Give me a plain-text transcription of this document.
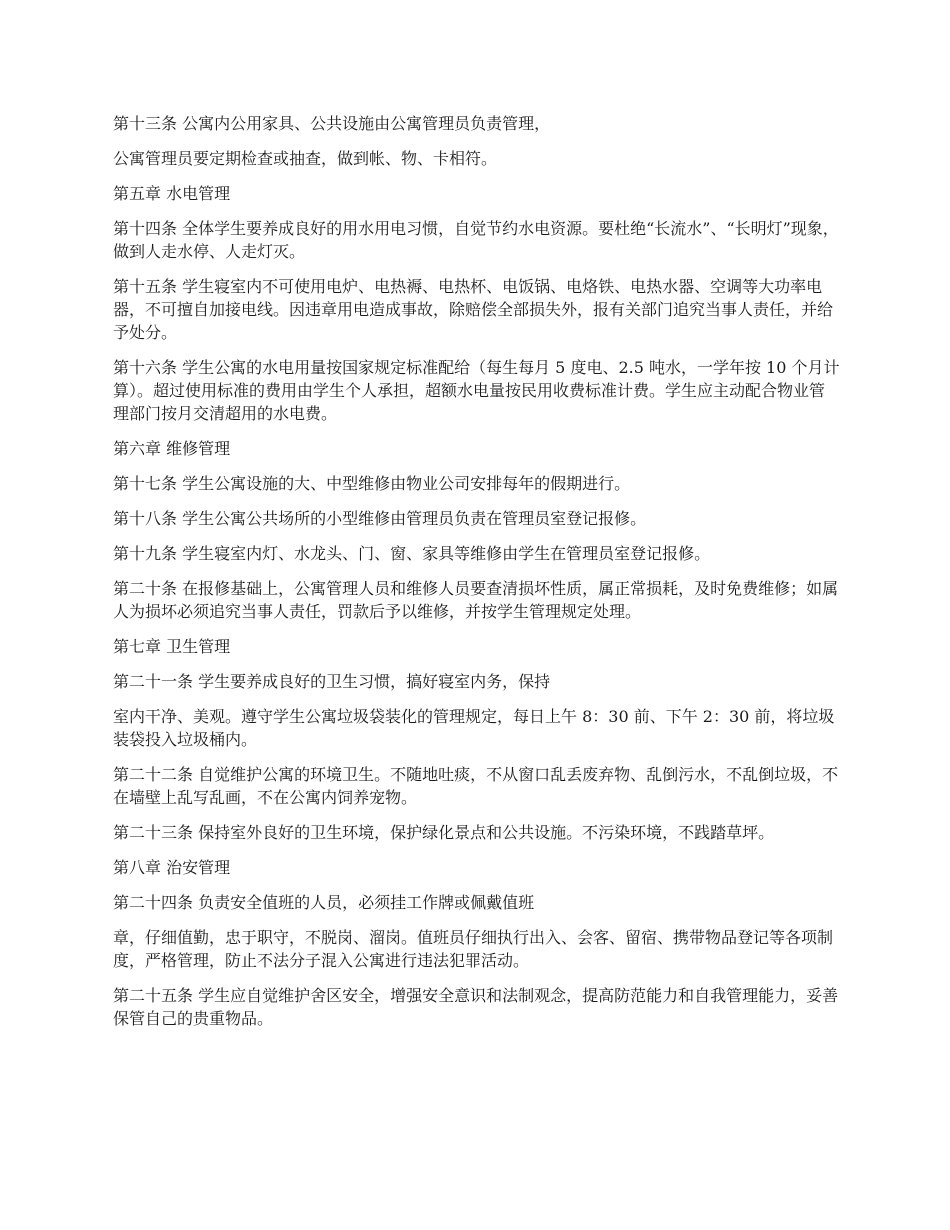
第十三条 公寓内公用家具、公共设施由公寓管理员负责管理，

公寓管理员要定期检查或抽查，做到帐、物、卡相符。

第五章 水电管理

第十四条 全体学生要养成良好的用水用电习惯，自觉节约水电资源。要杜绝“长流水”、“长明灯”现象，做到人走水停、人走灯灭。

第十五条 学生寝室内不可使用电炉、电热褥、电热杯、电饭锅、电烙铁、电热水器、空调等大功率电器，不可擅自加接电线。因违章用电造成事故，除赔偿全部损失外，报有关部门追究当事人责任，并给予处分。

第十六条 学生公寓的水电用量按国家规定标准配给（每生每月 5 度电、2.5 吨水，一学年按 10 个月计算）。超过使用标准的费用由学生个人承担，超额水电量按民用收费标准计费。学生应主动配合物业管理部门按月交清超用的水电费。

第六章 维修管理

第十七条 学生公寓设施的大、中型维修由物业公司安排每年的假期进行。

第十八条 学生公寓公共场所的小型维修由管理员负责在管理员室登记报修。

第十九条 学生寝室内灯、水龙头、门、窗、家具等维修由学生在管理员室登记报修。

第二十条 在报修基础上，公寓管理人员和维修人员要查清损坏性质，属正常损耗，及时免费维修；如属人为损坏必须追究当事人责任，罚款后予以维修，并按学生管理规定处理。

第七章 卫生管理

第二十一条 学生要养成良好的卫生习惯，搞好寝室内务，保持

室内干净、美观。遵守学生公寓垃圾袋装化的管理规定，每日上午 8：30 前、下午 2：30 前，将垃圾装袋投入垃圾桶内。

第二十二条 自觉维护公寓的环境卫生。不随地吐痰，不从窗口乱丢废弃物、乱倒污水，不乱倒垃圾，不在墙壁上乱写乱画，不在公寓内饲养宠物。

第二十三条 保持室外良好的卫生环境，保护绿化景点和公共设施。不污染环境，不践踏草坪。

第八章 治安管理

第二十四条 负责安全值班的人员，必须挂工作牌或佩戴值班

章，仔细值勤，忠于职守，不脱岗、溜岗。值班员仔细执行出入、会客、留宿、携带物品登记等各项制度，严格管理，防止不法分子混入公寓进行违法犯罪活动。

第二十五条 学生应自觉维护舍区安全，增强安全意识和法制观念，提高防范能力和自我管理能力，妥善保管自己的贵重物品。
